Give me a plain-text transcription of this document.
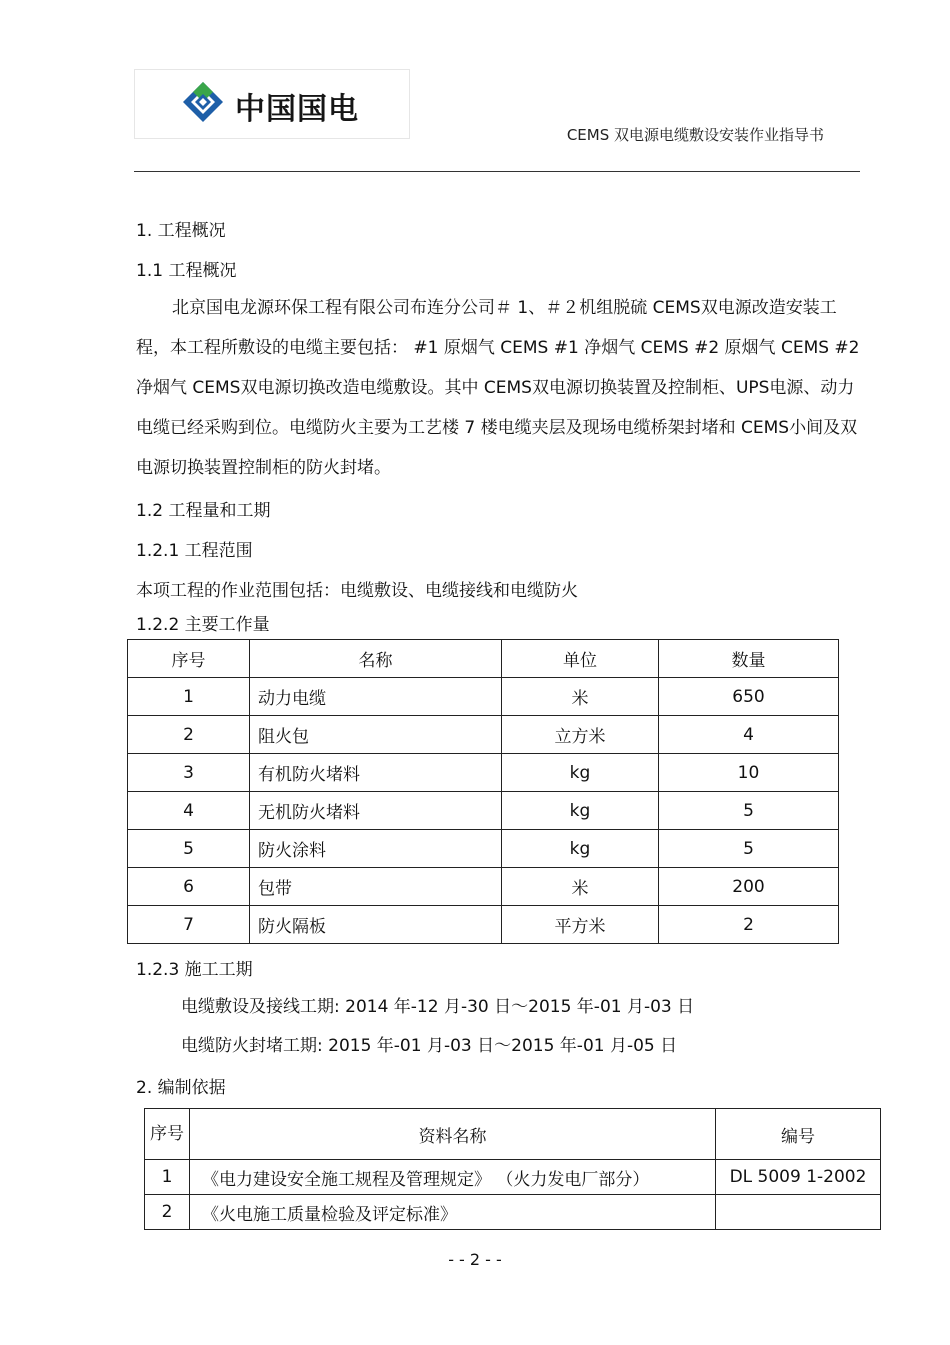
中国国电
CEMS 双电源电缆敷设安装作业指导书
1. 工程概况
1.1 工程概况
北京国电龙源环保工程有限公司布连分公司＃ 1、＃２机组脱硫 CEMS双电源改造安装工程，本工程所敷设的电缆主要包括： #1 原烟气 CEMS #1 净烟气 CEMS #2 原烟气 CEMS #2 净烟气 CEMS双电源切换改造电缆敷设。其中 CEMS双电源切换装置及控制柜、UPS电源、动力电缆已经采购到位。电缆防火主要为工艺楼 7 楼电缆夹层及现场电缆桥架封堵和 CEMS小间及双电源切换装置控制柜的防火封堵。
1.2 工程量和工期
1.2.1 工程范围
本项工程的作业范围包括：电缆敷设、电缆接线和电缆防火
1.2.2 主要工作量
序号	名称	单位	数量
1	动力电缆	米	650
2	阻火包	立方米	4
3	有机防火堵料	kg	10
4	无机防火堵料	kg	5
5	防火涂料	kg	5
6	包带	米	200
7	防火隔板	平方米	2
1.2.3 施工工期
电缆敷设及接线工期: 2014 年-12 月-30 日～2015 年-01 月-03 日
电缆防火封堵工期: 2015 年-01 月-03 日～2015 年-01 月-05 日
2. 编制依据
序号	资料名称	编号
1	《电力建设安全施工规程及管理规定》 （火力发电厂部分）	DL 5009 1-2002
2	《火电施工质量检验及评定标准》	
- - 2 - -
